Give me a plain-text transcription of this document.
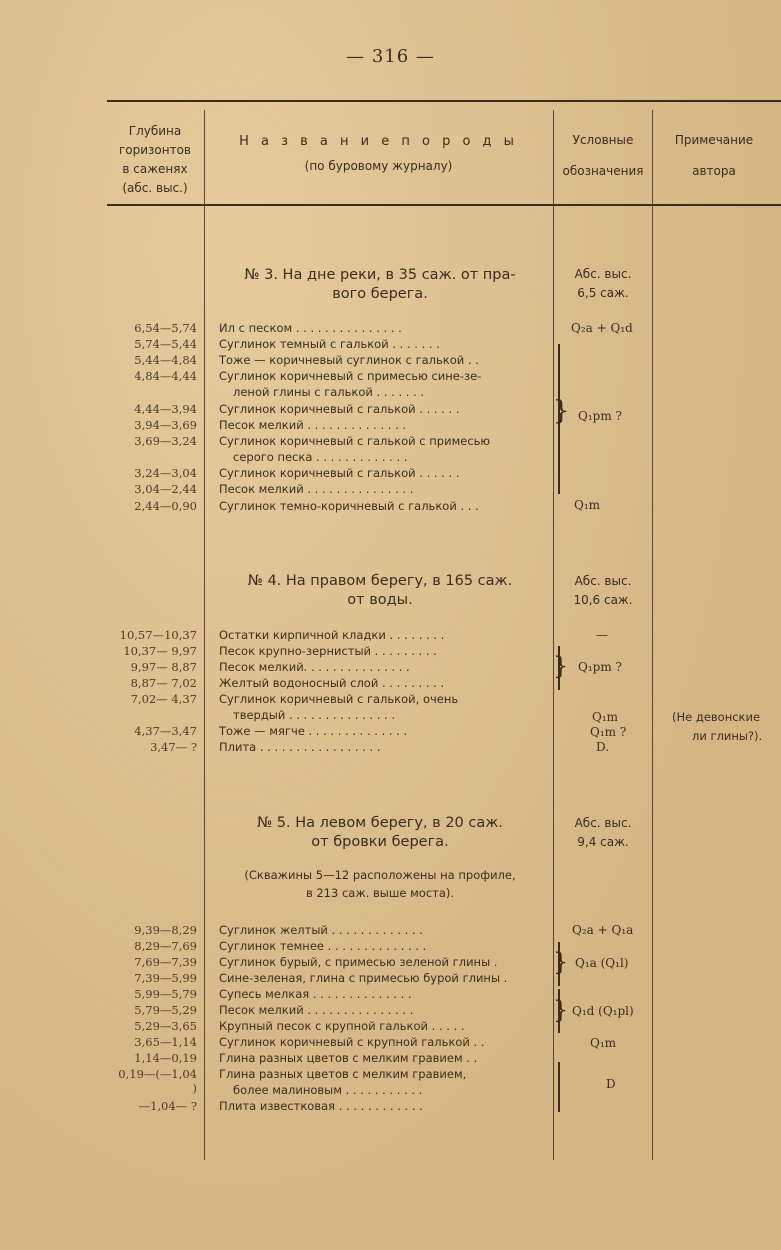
— 316 —
Глубина
горизонтов
в саженях
(абс. выс.)
Н а з в а н и е п о р о д ы
(по буровому журналу)
Условные
обозначения
Примечание
автора
№ 3. На дне реки, в 35 саж. от пра-
вого берега.
Абс. выс.
6,5 саж.
6,54—5,74 Ил с песком . . . . . . . . . . . . . . .
5,74—5,44 Суглинок темный с галькой . . . . . . .
5,44—4,84 Тоже — коричневый суглинок с галькой . .
4,84—4,44 Суглинок коричневый с примесью сине-зе-
леной глины с галькой . . . . . . .
4,44—3,94 Суглинок коричневый с галькой . . . . . .
3,94—3,69 Песок мелкий . . . . . . . . . . . . . .
3,69—3,24 Суглинок коричневый с галькой с примесью
серого песка . . . . . . . . . . . . .
3,24—3,04 Суглинок коричневый с галькой . . . . . .
3,04—2,44 Песок мелкий . . . . . . . . . . . . . . .
2,44—0,90 Суглинок темно-коричневый с галькой . . .
Q₂a + Q₁d
} Q₁pm ?
Q₁m
№ 4. На правом берегу, в 165 саж.
от воды.
Абс. выс.
10,6 саж.
10,57—10,37 Остатки кирпичной кладки . . . . . . . .
10,37— 9,97 Песок крупно-зернистый . . . . . . . . .
9,97— 8,87 Песок мелкий. . . . . . . . . . . . . . .
8,87— 7,02 Желтый водоносный слой . . . . . . . . .
7,02— 4,37 Суглинок коричневый с галькой, очень
твердый . . . . . . . . . . . . . . .
4,37—3,47 Тоже — мягче . . . . . . . . . . . . . .
3,47— ? Плита . . . . . . . . . . . . . . . . .
—
} Q₁pm ?
Q₁m
Q₁m ?
D.
(Не девонские
ли глины?).
№ 5. На левом берегу, в 20 саж.
от бровки берега.
Абс. выс.
9,4 саж.
(Скважины 5—12 расположены на профиле,
в 213 саж. выше моста).
9,39—8,29 Суглинок желтый . . . . . . . . . . . . .
8,29—7,69 Суглинок темнее . . . . . . . . . . . . . .
7,69—7,39 Суглинок бурый, с примесью зеленой глины .
7,39—5,99 Сине-зеленая, глина с примесью бурой глины .
5,99—5,79 Супесь мелкая . . . . . . . . . . . . . .
5,79—5,29 Песок мелкий . . . . . . . . . . . . . . .
5,29—3,65 Крупный песок с крупной галькой . . . . .
3,65—1,14 Суглинок коричневый с крупной галькой . .
1,14—0,19 Глина разных цветов с мелким гравием . .
0,19—(—1,04 Глина разных цветов с мелким гравием,
)	более малиновым . . . . . . . . . . .
—1,04— ? Плита известковая . . . . . . . . . . . .
Q₂a + Q₁a
} Q₁a (Q₁l)
} Q₁d (Q₁pl)
Q₁m
D
